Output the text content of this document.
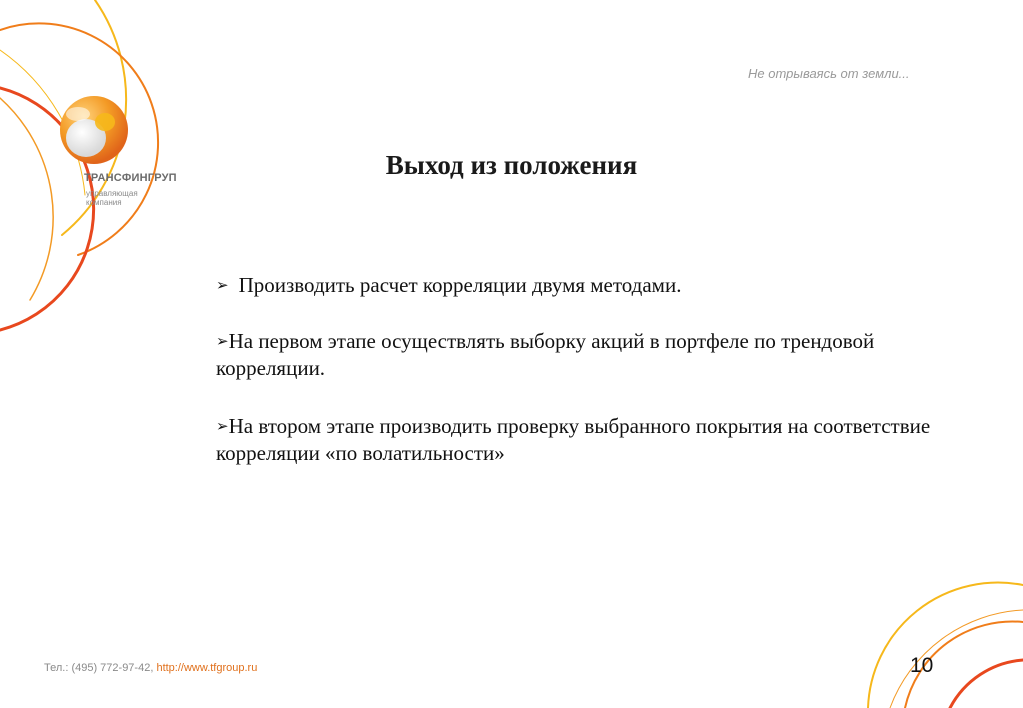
Не отрываясь от земли...
ТРАНСФИНГРУП
управляющая компания
Выход из положения
➢ Производить расчет корреляции двумя методами.
➢На первом этапе осуществлять выборку акций в портфеле по трендовой корреляции.
➢На втором этапе производить проверку выбранного покрытия на соответствие корреляции «по волатильности»
Тел.: (495) 772-97-42, http://www.tfgroup.ru	10
